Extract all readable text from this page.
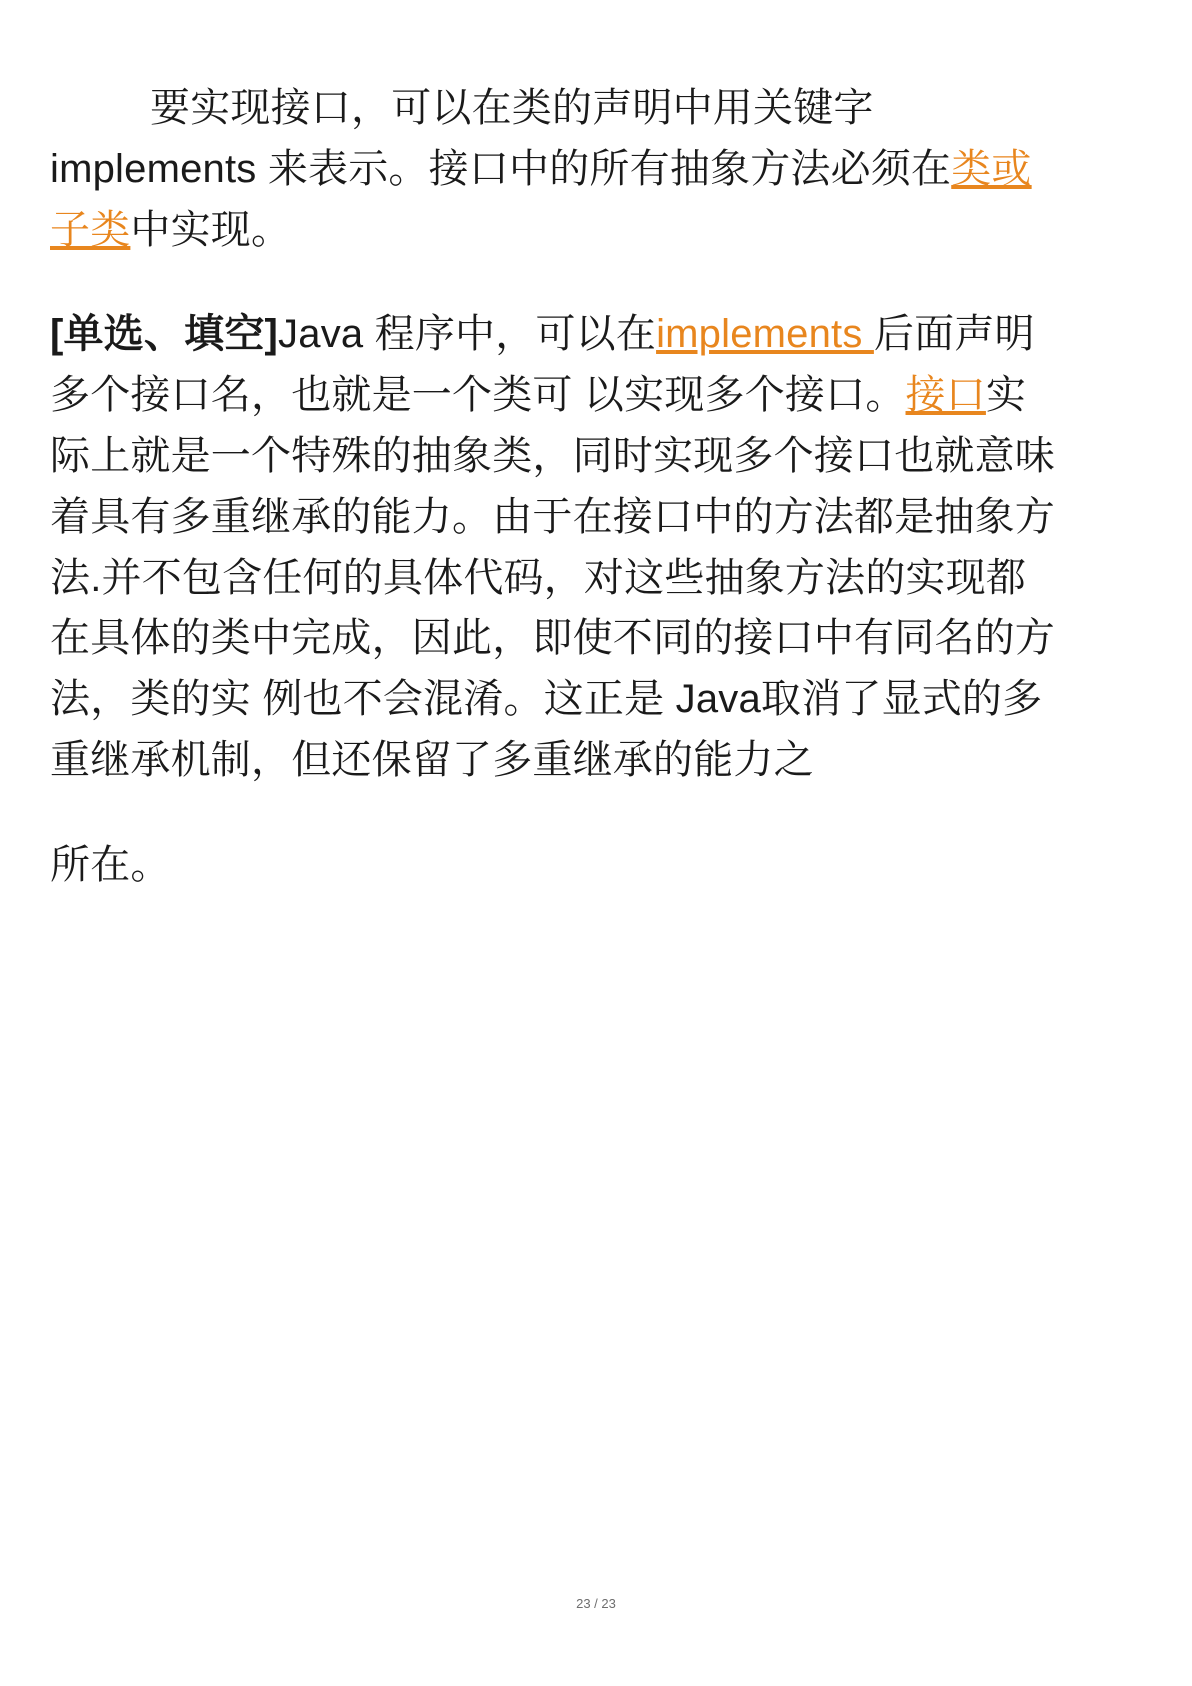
要实现接口，可以在类的声明中用关键字 implements 来表示。接口中的所有抽象方法必须在类或子类中实现。

[单选、填空]Java 程序中，可以在implements 后面声明多个接口名，也就是一个类可 以实现多个接口。接口实际上就是一个特殊的抽象类，同时实现多个接口也就意味着具有多重继承的能力。由于在接口中的方法都是抽象方法.并不包含任何的具体代码，对这些抽象方法的实现都在具体的类中完成，因此，即使不同的接口中有同名的方法，类的实 例也不会混淆。这正是 Java取消了显式的多重继承机制，但还保留了多重继承的能力之

所在。

23 / 23
